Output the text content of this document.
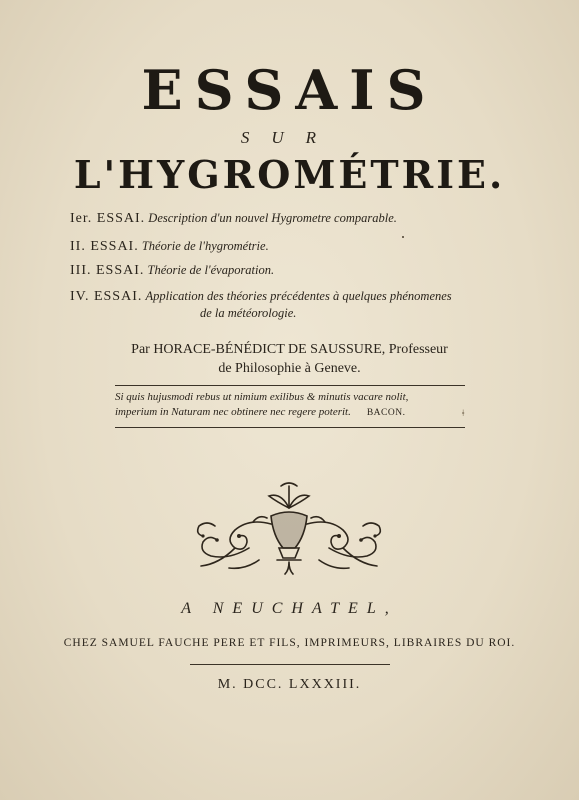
ESSAIS
SUR
L'HYGROMÉTRIE.
Ier. ESSAI. Description d'un nouvel Hygrometre comparable.
II. ESSAI. Théorie de l'hygrométrie.
III. ESSAI. Théorie de l'évaporation.
IV. ESSAI. Application des théories précédentes à quelques phénomenes
de la météorologie.
Par HORACE-BÉNÉDICT DE SAUSSURE, Professeur
de Philosophie à Geneve.
Si quis hujusmodi rebus ut nimium exilibus & minutis vacare nolit,
imperium in Naturam nec obtinere nec regere poterit. BACON.	ǂ
A NEUCHATEL,
CHEZ SAMUEL FAUCHE PERE ET FILS, IMPRIMEURS, LIBRAIRES DU ROI.
M. DCC. LXXXIII.
